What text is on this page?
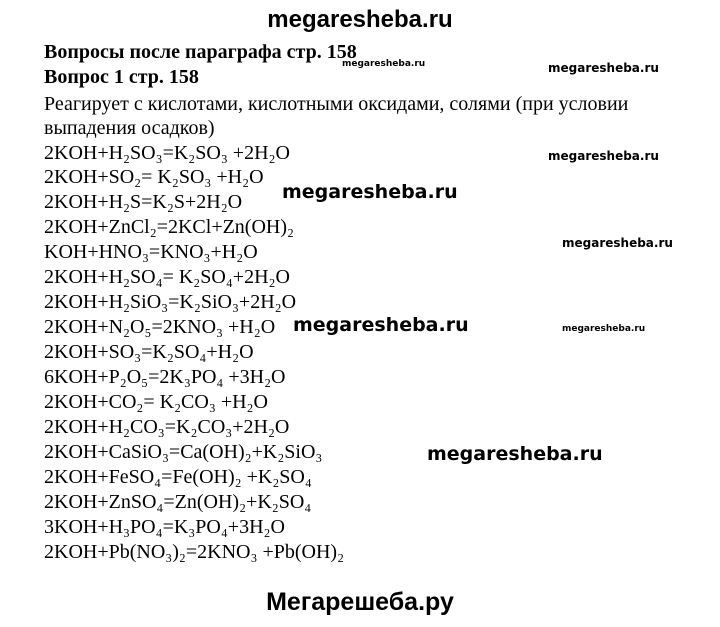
megaresheba.ru
Вопросы после параграфа стр. 158
Вопрос 1 стр. 158
Реагирует с кислотами, кислотными оксидами, солями (при условии
выпадения осадков)
2KOH+H₂SO₃=K₂SO₃ +2H₂O
2KOH+SO₂= K₂SO₃ +H₂O
2KOH+H₂S=K₂S+2H₂O
2KOH+ZnCl₂=2KCl+Zn(OH)₂
KOH+HNO₃=KNO₃+H₂O
2KOH+H₂SO₄= K₂SO₄+2H₂O
2KOH+H₂SiO₃=K₂SiO₃+2H₂O
2KOH+N₂O₅=2KNO₃ +H₂O
2KOH+SO₃=K₂SO₄+H₂O
6KOH+P₂O₅=2K₃PO₄ +3H₂O
2KOH+CO₂= K₂CO₃ +H₂O
2KOH+H₂CO₃=K₂CO₃+2H₂O
2KOH+CaSiO₃=Ca(OH)₂+K₂SiO₃
2KOH+FeSO₄=Fe(OH)₂ +K₂SO₄
2KOH+ZnSO₄=Zn(OH)₂+K₂SO₄
3KOH+H₃PO₄=K₃PO₄+3H₂O
2KOH+Pb(NO₃)₂=2KNO₃ +Pb(OH)₂
megaresheba.ru	megaresheba.ru
megaresheba.ru
megaresheba.ru
megaresheba.ru
megaresheba.ru	megaresheba.ru
megaresheba.ru
Мегарешеба.ру
